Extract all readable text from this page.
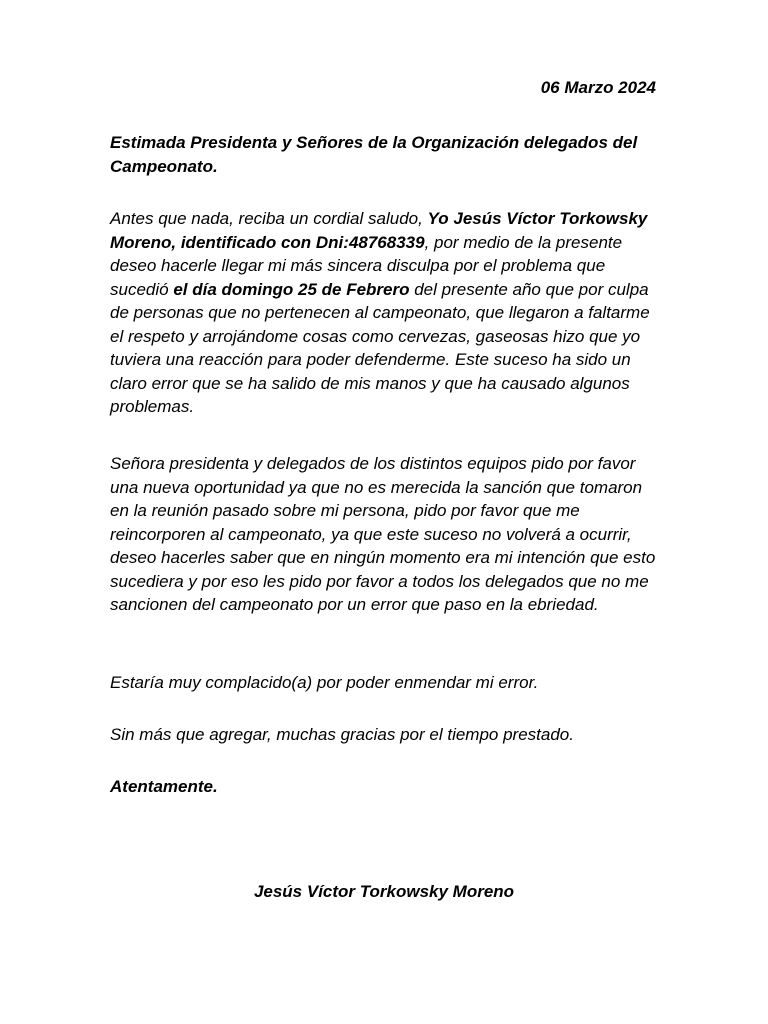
06 Marzo 2024
Estimada Presidenta y Señores de la Organización delegados del Campeonato.
Antes que nada, reciba un cordial saludo, Yo Jesús Víctor Torkowsky Moreno, identificado con Dni:48768339, por medio de la presente deseo hacerle llegar mi más sincera disculpa por el problema que sucedió el día domingo 25 de Febrero del presente año que por culpa de personas que no pertenecen al campeonato, que llegaron a faltarme el respeto y arrojándome cosas como cervezas, gaseosas hizo que yo tuviera una reacción para poder defenderme. Este suceso ha sido un claro error que se ha salido de mis manos y que ha causado algunos problemas.
Señora presidenta y delegados de los distintos equipos pido por favor una nueva oportunidad ya que no es merecida la sanción que tomaron en la reunión pasado sobre mi persona, pido por favor que me reincorporen al campeonato, ya que este suceso no volverá a ocurrir, deseo hacerles saber que en ningún momento era mi intención que esto sucediera y por eso les pido por favor a todos los delegados que no me sancionen del campeonato por un error que paso en la ebriedad.
Estaría muy complacido(a) por poder enmendar mi error.
Sin más que agregar, muchas gracias por el tiempo prestado.
Atentamente.
Jesús Víctor Torkowsky Moreno
